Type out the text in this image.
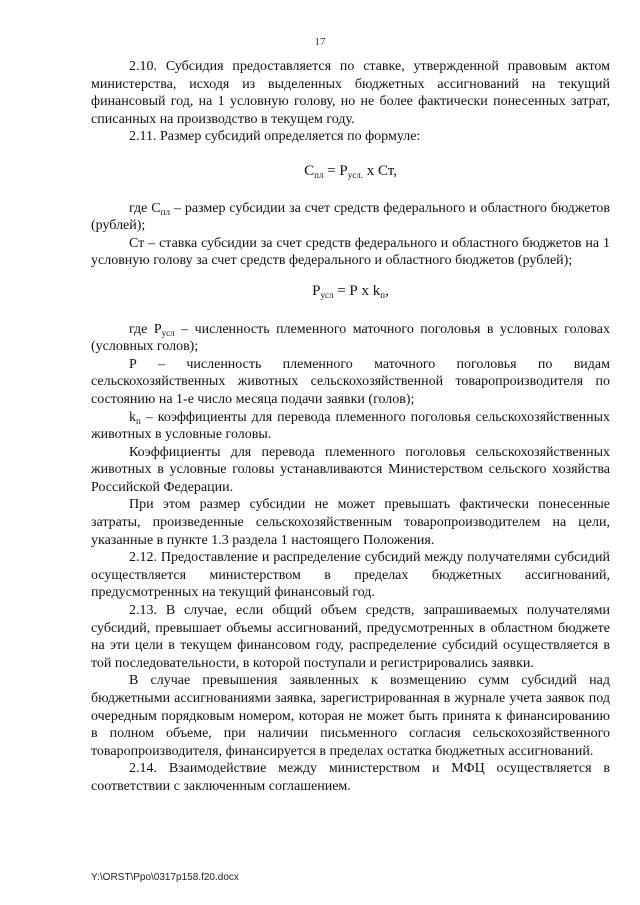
17

2.10. Субсидия предоставляется по ставке, утвержденной правовым актом министерства, исходя из выделенных бюджетных ассигнований на текущий финансовый год, на 1 условную голову, но не более фактически понесенных затрат, списанных на производство в текущем году.

2.11. Размер субсидий определяется по формуле:

$С_{пл} = Р_{усл.}$ х Ст,

где $С_{пл}$ – размер субсидии за счет средств федерального и областного бюджетов (рублей);

Ст – ставка субсидии за счет средств федерального и областного бюджетов на 1 условную голову за счет средств федерального и областного бюджетов (рублей);

$Р_{усл} = Р$ х $k_п$,

где $Р_{усл}$ – численность племенного маточного поголовья в условных головах (условных голов);

Р – численность племенного маточного поголовья по видам сельскохозяйственных животных сельскохозяйственной товаропроизводителя по состоянию на 1-е число месяца подачи заявки (голов);

$k_п$ – коэффициенты для перевода племенного поголовья сельскохозяйственных животных в условные головы.

Коэффициенты для перевода племенного поголовья сельскохозяйственных животных в условные головы устанавливаются Министерством сельского хозяйства Российской Федерации.

При этом размер субсидии не может превышать фактически понесенные затраты, произведенные сельскохозяйственным товаропроизводителем на цели, указанные в пункте 1.3 раздела 1 настоящего Положения.

2.12. Предоставление и распределение субсидий между получателями субсидий осуществляется министерством в пределах бюджетных ассигнований, предусмотренных на текущий финансовый год.

2.13. В случае, если общий объем средств, запрашиваемых получателями субсидий, превышает объемы ассигнований, предусмотренных в областном бюджете на эти цели в текущем финансовом году, распределение субсидий осуществляется в той последовательности, в которой поступали и регистрировались заявки.

В случае превышения заявленных к возмещению сумм субсидий над бюджетными ассигнованиями заявка, зарегистрированная в журнале учета заявок под очередным порядковым номером, которая не может быть принята к финансированию в полном объеме, при наличии письменного согласия сельскохозяйственного товаропроизводителя, финансируется в пределах остатка бюджетных ассигнований.

2.14. Взаимодействие между министерством и МФЦ осуществляется в соответствии с заключенным соглашением.

Y:\ORST\Ppo\0317p158.f20.docx
